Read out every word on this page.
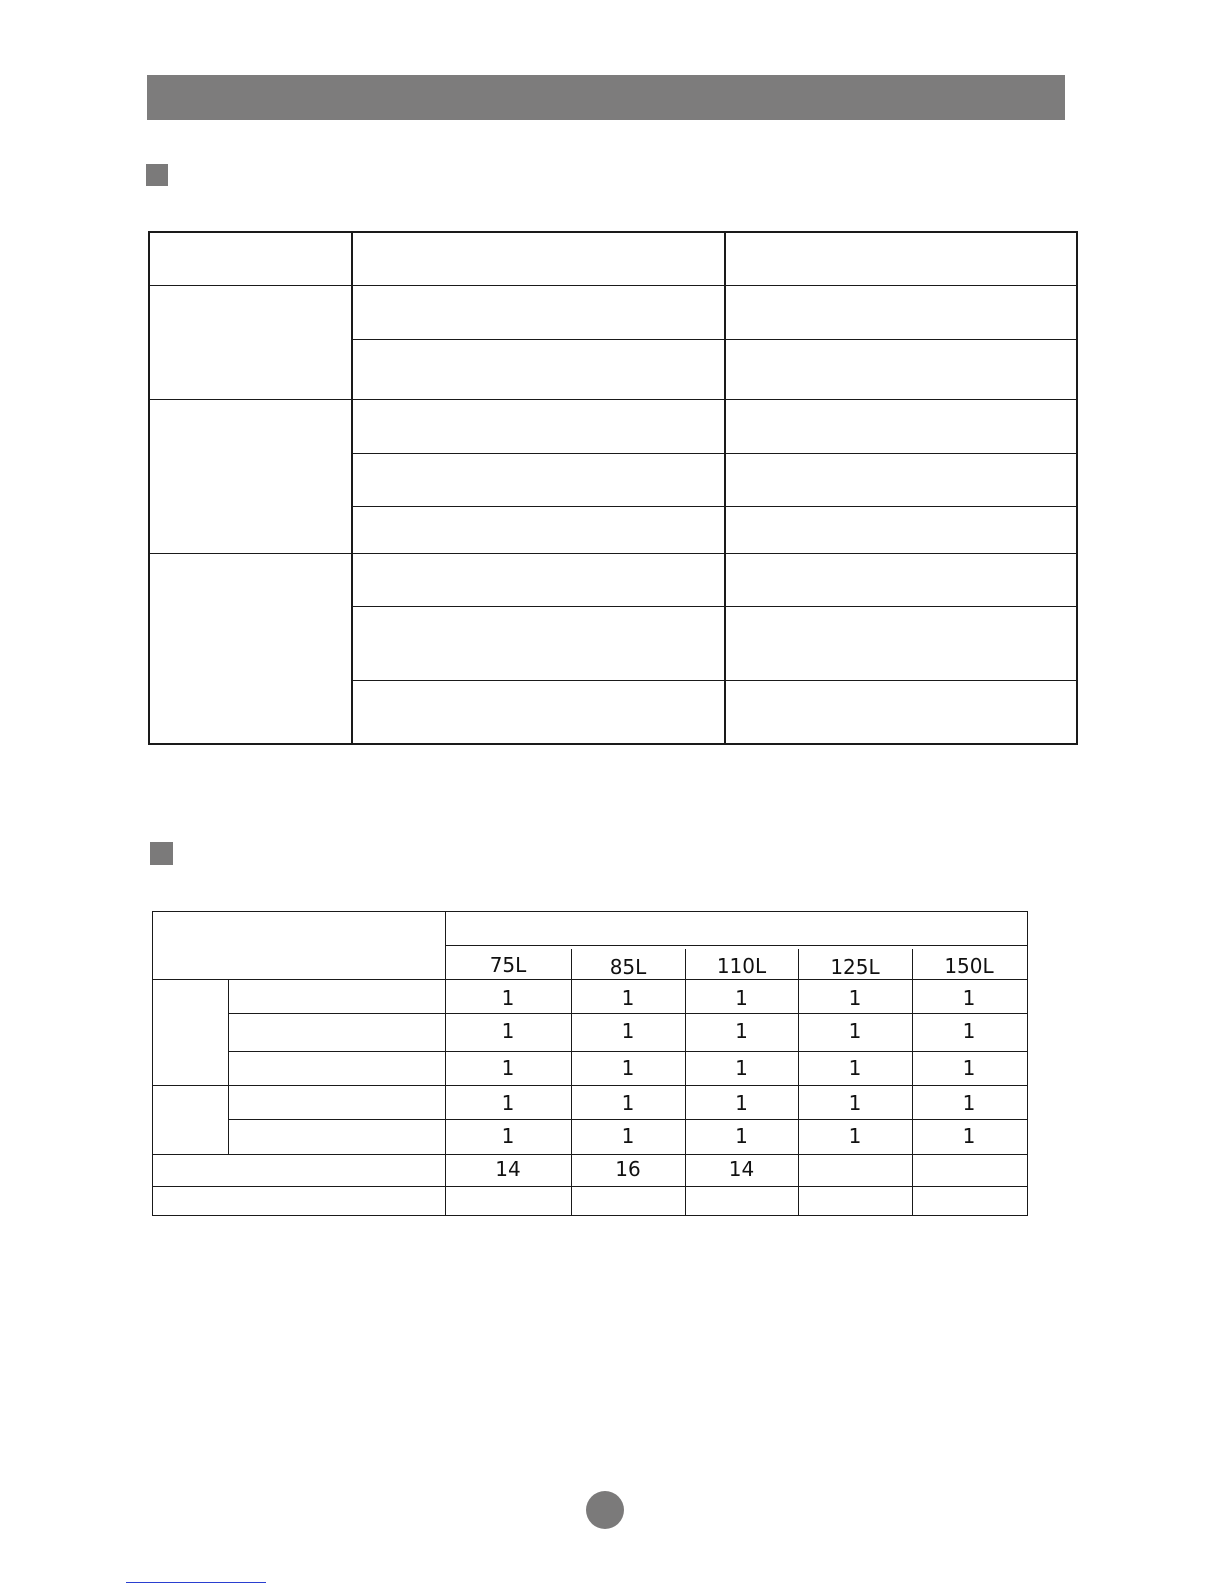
75L	85L	110L	125L	150L
1	1	1	1	1
1	1	1	1	1
1	1	1	1	1
1	1	1	1	1
1	1	1	1	1
14	16	14
